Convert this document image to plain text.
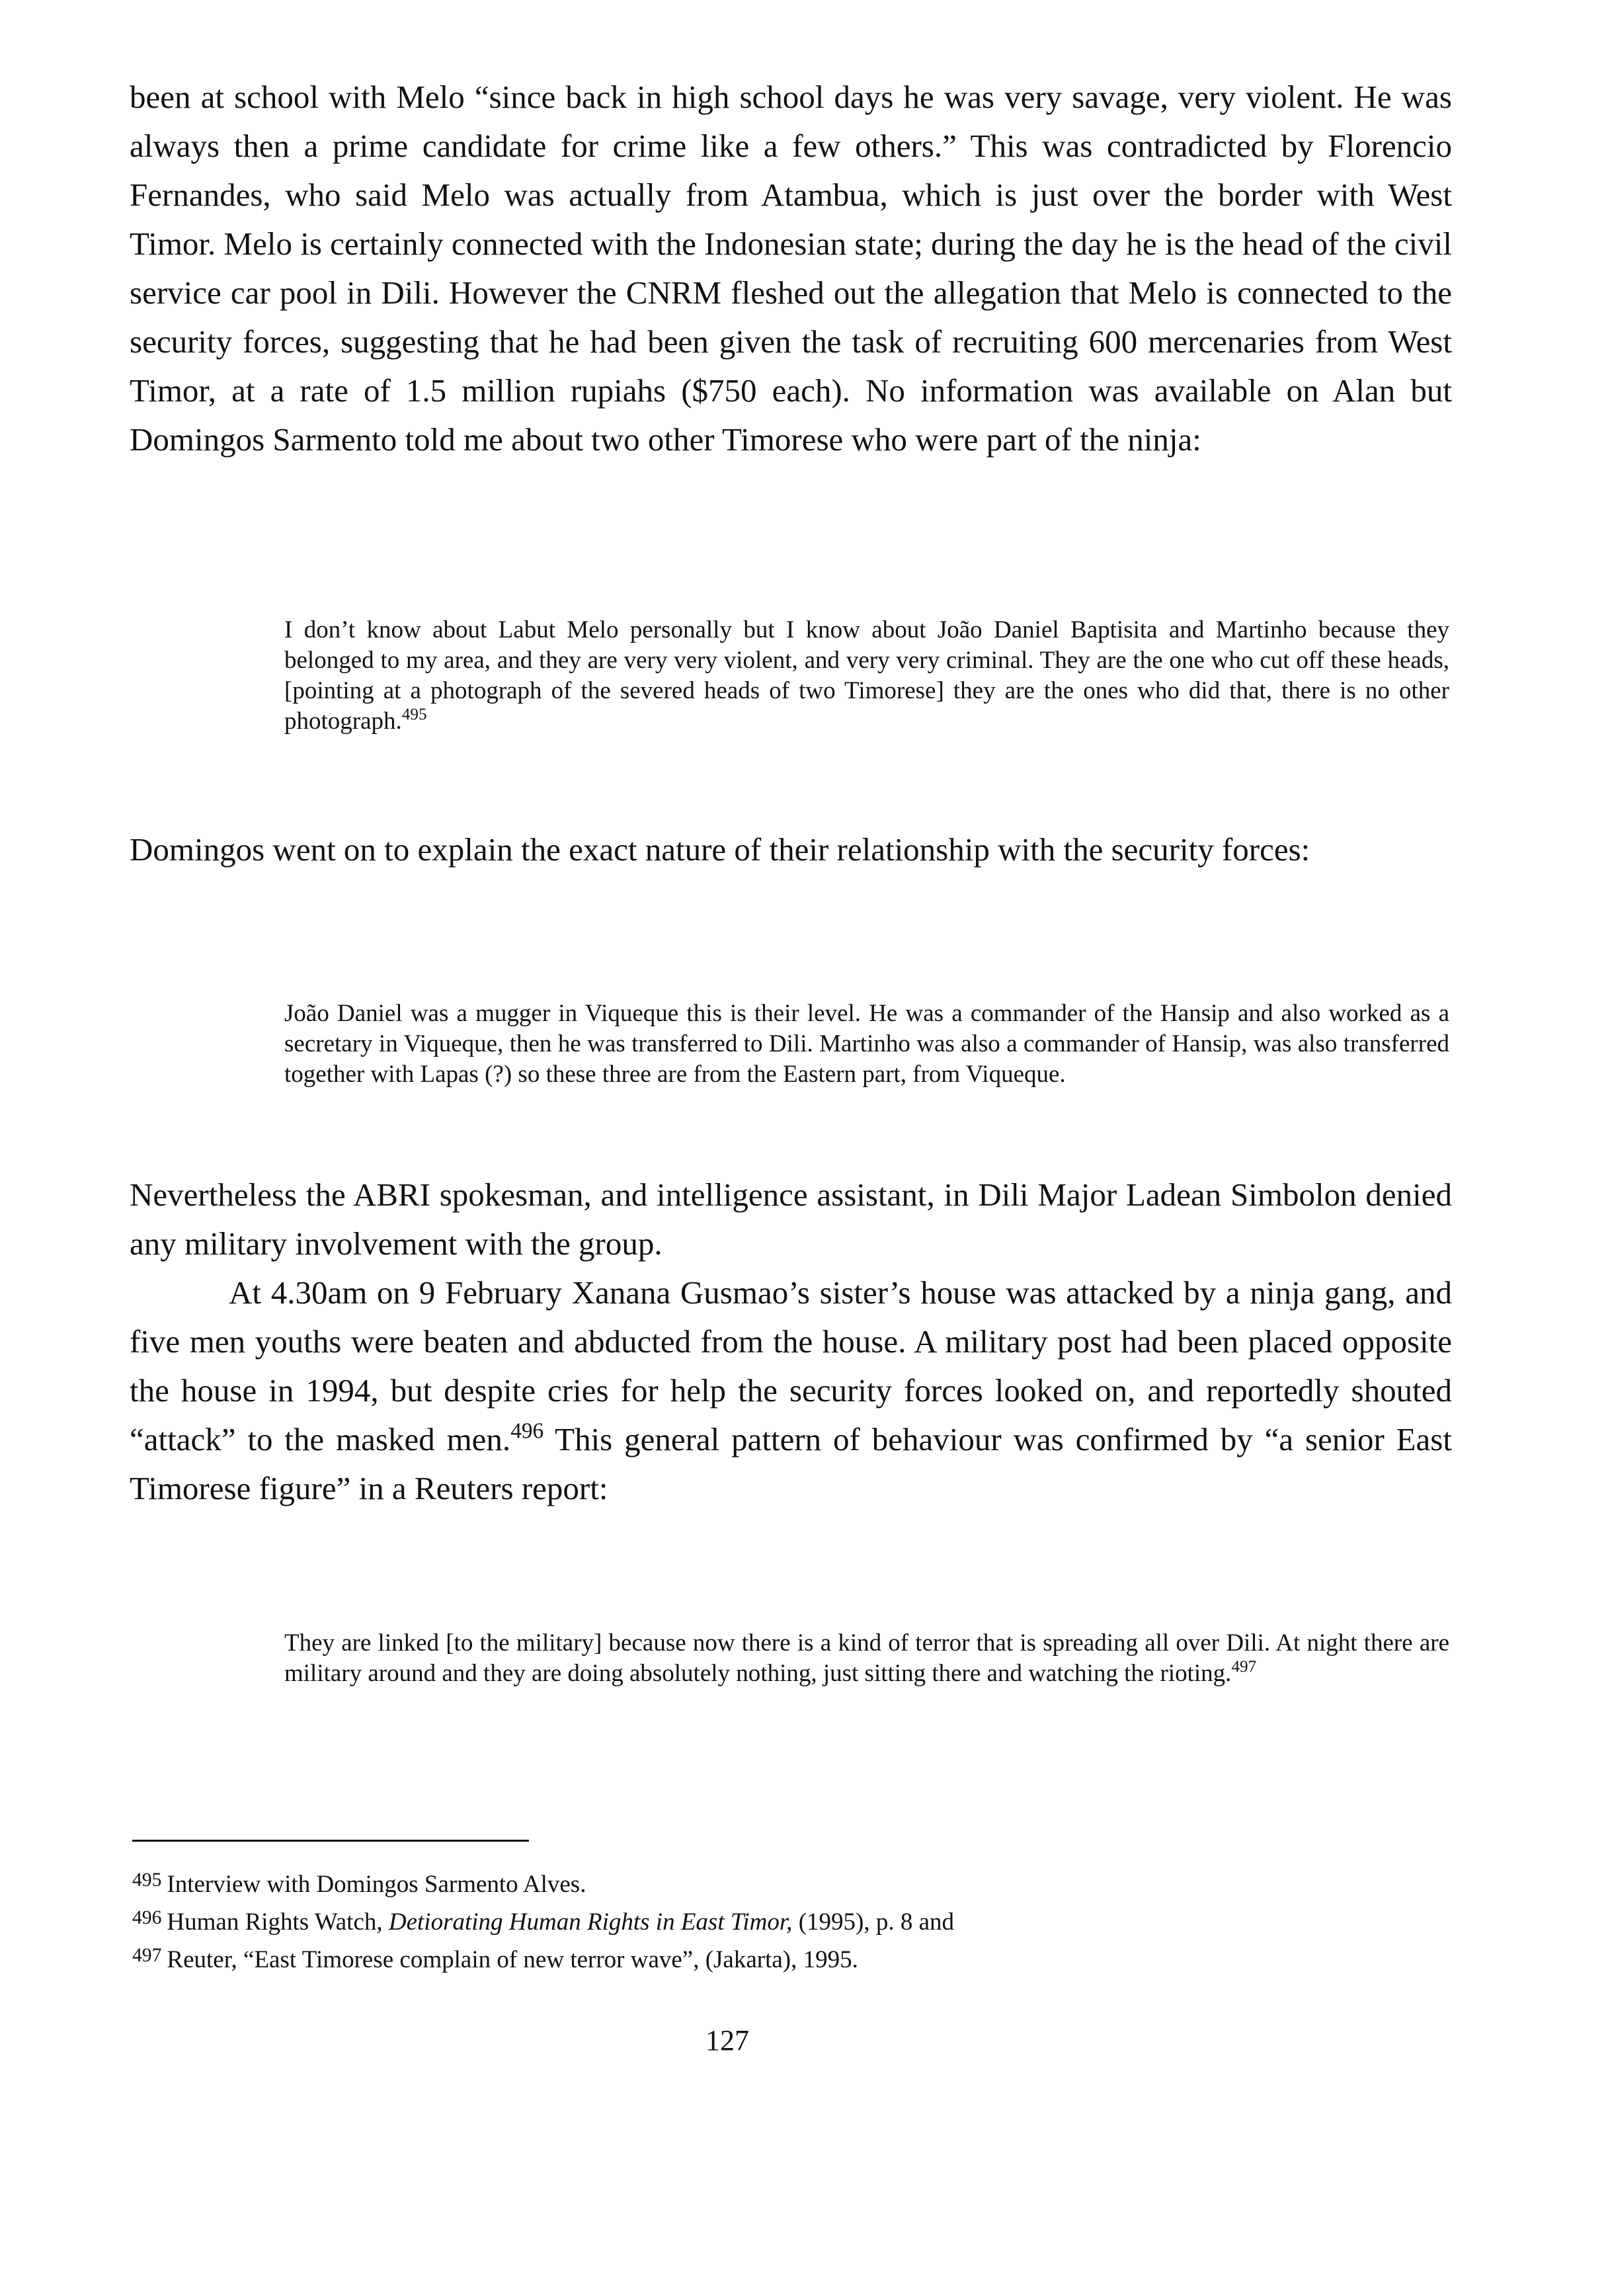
been at school with Melo “since back in high school days he was very savage, very violent. He was always then a prime candidate for crime like a few others.” This was contradicted by Florencio Fernandes, who said Melo was actually from Atambua, which is just over the border with West Timor. Melo is certainly connected with the Indonesian state; during the day he is the head of the civil service car pool in Dili. However the CNRM fleshed out the allegation that Melo is connected to the security forces, suggesting that he had been given the task of recruiting 600 mercenaries from West Timor, at a rate of 1.5 million rupiahs ($750 each). No information was available on Alan but Domingos Sarmento told me about two other Timorese who were part of the ninja:

I don’t know about Labut Melo personally but I know about João Daniel Baptisita and Martinho because they belonged to my area, and they are very very violent, and very very criminal. They are the one who cut off these heads, [pointing at a photograph of the severed heads of two Timorese] they are the ones who did that, there is no other photograph.$^{495}$

Domingos went on to explain the exact nature of their relationship with the security forces:

João Daniel was a mugger in Viqueque this is their level. He was a commander of the Hansip and also worked as a secretary in Viqueque, then he was transferred to Dili. Martinho was also a commander of Hansip, was also transferred together with Lapas (?) so these three are from the Eastern part, from Viqueque.

Nevertheless the ABRI spokesman, and intelligence assistant, in Dili Major Ladean Simbolon denied any military involvement with the group.

At 4.30am on 9 February Xanana Gusmao’s sister’s house was attacked by a ninja gang, and five men youths were beaten and abducted from the house. A military post had been placed opposite the house in 1994, but despite cries for help the security forces looked on, and reportedly shouted “attack” to the masked men.$^{496}$ This general pattern of behaviour was confirmed by “a senior East Timorese figure” in a Reuters report:

They are linked [to the military] because now there is a kind of terror that is spreading all over Dili. At night there are military around and they are doing absolutely nothing, just sitting there and watching the rioting.$^{497}$

$^{495}$ Interview with Domingos Sarmento Alves.
$^{496}$ Human Rights Watch, Detiorating Human Rights in East Timor, (1995), p. 8 and
$^{497}$ Reuter, “East Timorese complain of new terror wave”, (Jakarta), 1995.
127
